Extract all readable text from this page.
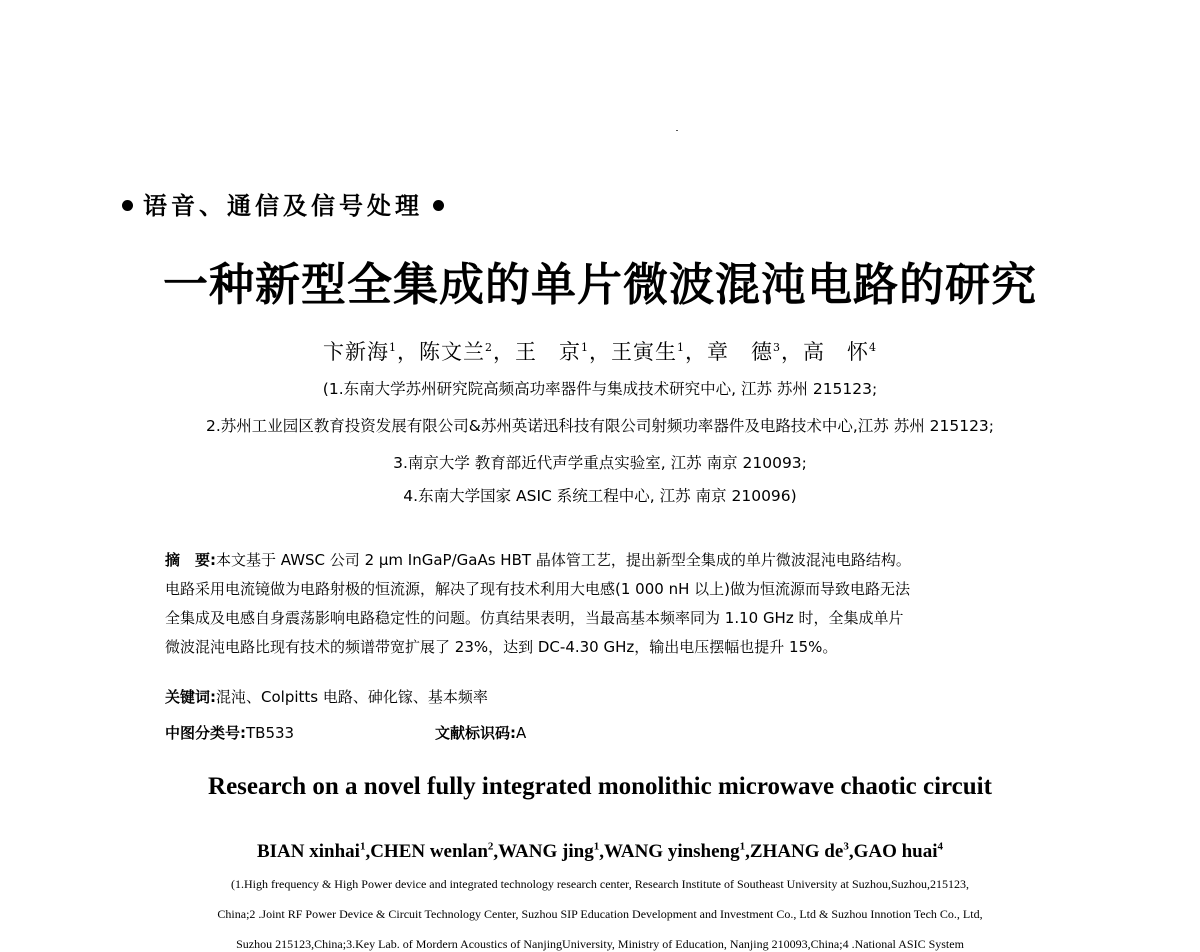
语音、通信及信号处理
一种新型全集成的单片微波混沌电路的研究
卞新海$^1$，陈文兰$^2$，王　京$^1$，王寅生$^1$，章　德$^3$，高　怀$^4$
(1.东南大学苏州研究院高频高功率器件与集成技术研究中心, 江苏 苏州 215123;
2.苏州工业园区教育投资发展有限公司&苏州英诺迅科技有限公司射频功率器件及电路技术中心,江苏 苏州 215123;
3.南京大学 教育部近代声学重点实验室, 江苏 南京 210093;
4.东南大学国家 ASIC 系统工程中心, 江苏 南京 210096)
摘　要:本文基于 AWSC 公司 2 μm InGaP/GaAs HBT 晶体管工艺，提出新型全集成的单片微波混沌电路结构。
电路采用电流镜做为电路射极的恒流源，解决了现有技术利用大电感(1 000 nH 以上)做为恒流源而导致电路无法
全集成及电感自身震荡影响电路稳定性的问题。仿真结果表明，当最高基本频率同为 1.10 GHz 时，全集成单片
微波混沌电路比现有技术的频谱带宽扩展了 23%，达到 DC-4.30 GHz，输出电压摆幅也提升 15%。
关键词:混沌、Colpitts 电路、砷化镓、基本频率
中图分类号:TB533	文献标识码:A
Research on a novel fully integrated monolithic microwave chaotic circuit
BIAN xinhai$^1$,CHEN wenlan$^2$,WANG jing$^1$,WANG yinsheng$^1$,ZHANG $de^3,GAO$ huai$^4$
(1.High frequency & High Power device and integrated technology research center, Research Institute of Southeast University at Suzhou,Suzhou,215123,
China;2 .Joint RF Power Device & Circuit Technology Center, Suzhou SIP Education Development and Investment Co., Ltd & Suzhou Innotion Tech Co., Ltd,
Suzhou 215123,China;3.Key Lab. of Mordern Acoustics of NanjingUniversity, Ministry of Education, Nanjing 210093,China;4 .National ASIC System
